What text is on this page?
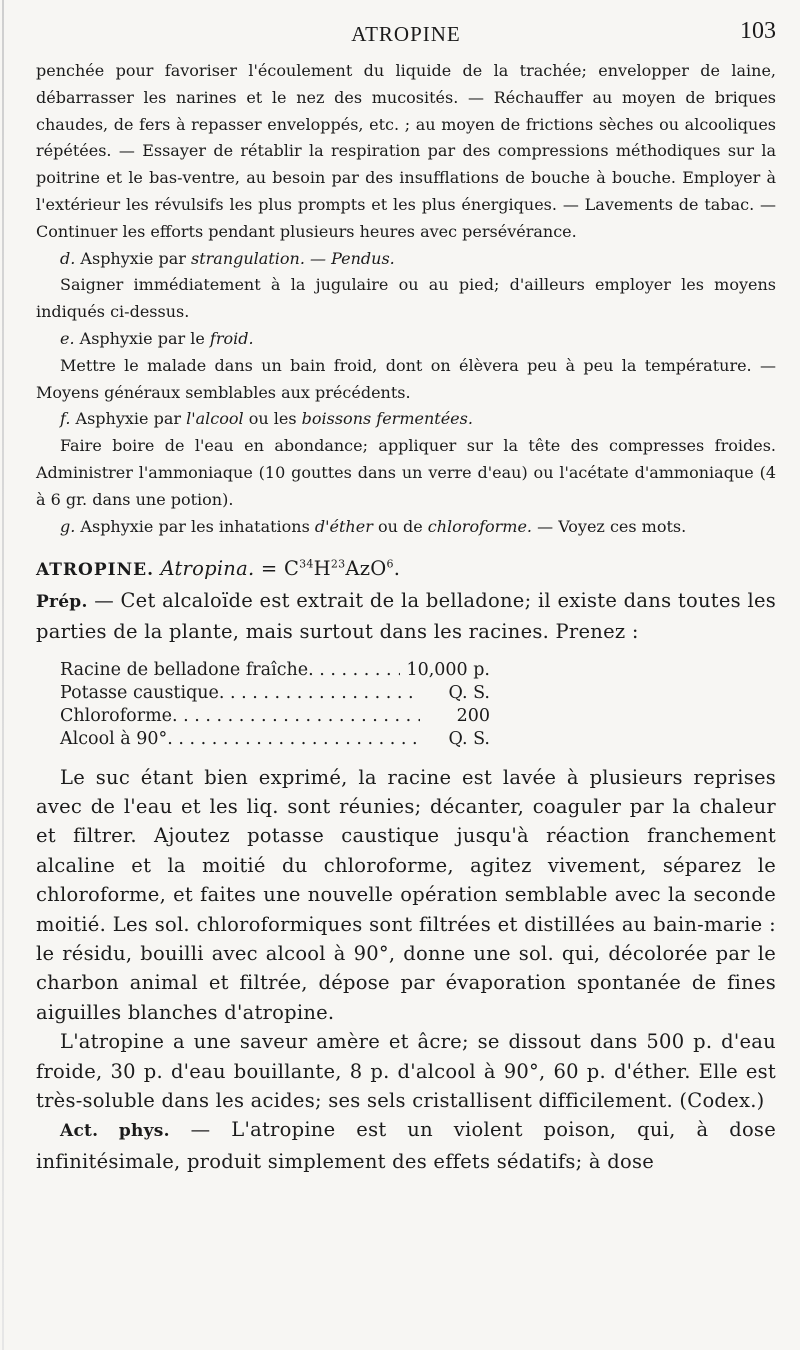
ATROPINE	103

penchée pour favoriser l'écoulement du liquide de la trachée; envelopper de laine, débarrasser les narines et le nez des mucosités. — Réchauffer au moyen de briques chaudes, de fers à repasser enveloppés, etc. ; au moyen de frictions sèches ou alcooliques répétées. — Essayer de rétablir la respiration par des compressions méthodiques sur la poitrine et le bas-ventre, au besoin par des insufflations de bouche à bouche. Employer à l'extérieur les révulsifs les plus prompts et les plus énergiques. — Lavements de tabac. — Continuer les efforts pendant plusieurs heures avec persévérance.

d. Asphyxie par strangulation. — Pendus.

Saigner immédiatement à la jugulaire ou au pied; d'ailleurs employer les moyens indiqués ci-dessus.

e. Asphyxie par le froid.

Mettre le malade dans un bain froid, dont on élèvera peu à peu la température. — Moyens généraux semblables aux précédents.

f. Asphyxie par l'alcool ou les boissons fermentées.

Faire boire de l'eau en abondance; appliquer sur la tête des compresses froides. Administrer l'ammoniaque (10 gouttes dans un verre d'eau) ou l'acétate d'ammoniaque (4 à 6 gr. dans une potion).

g. Asphyxie par les inhatations d'éther ou de chloroforme. — Voyez ces mots.

ATROPINE. Atropina. = $C^{34}H^{23}AzO^6$.

Prép. — Cet alcaloïde est extrait de la belladone; il existe dans toutes les parties de la plante, mais surtout dans les racines. Prenez :

Racine de belladone fraîche . . .	10,000 p.
Potasse caustique . . .	Q. S.
Chloroforme . . .	200
Alcool à 90° . . .	Q. S.

Le suc étant bien exprimé, la racine est lavée à plusieurs reprises avec de l'eau et les liq. sont réunies; décanter, coaguler par la chaleur et filtrer. Ajoutez potasse caustique jusqu'à réaction franchement alcaline et la moitié du chloroforme, agitez vivement, séparez le chloroforme, et faites une nouvelle opération semblable avec la seconde moitié. Les sol. chloroformiques sont filtrées et distillées au bain-marie : le résidu, bouilli avec alcool à 90°, donne une sol. qui, décolorée par le charbon animal et filtrée, dépose par évaporation spontanée de fines aiguilles blanches d'atropine.

L'atropine a une saveur amère et âcre; se dissout dans 500 p. d'eau froide, 30 p. d'eau bouillante, 8 p. d'alcool à 90°, 60 p. d'éther. Elle est très-soluble dans les acides; ses sels cristallisent difficilement. (Codex.)

Act. phys. — L'atropine est un violent poison, qui, à dose infinitésimale, produit simplement des effets sédatifs; à dose
